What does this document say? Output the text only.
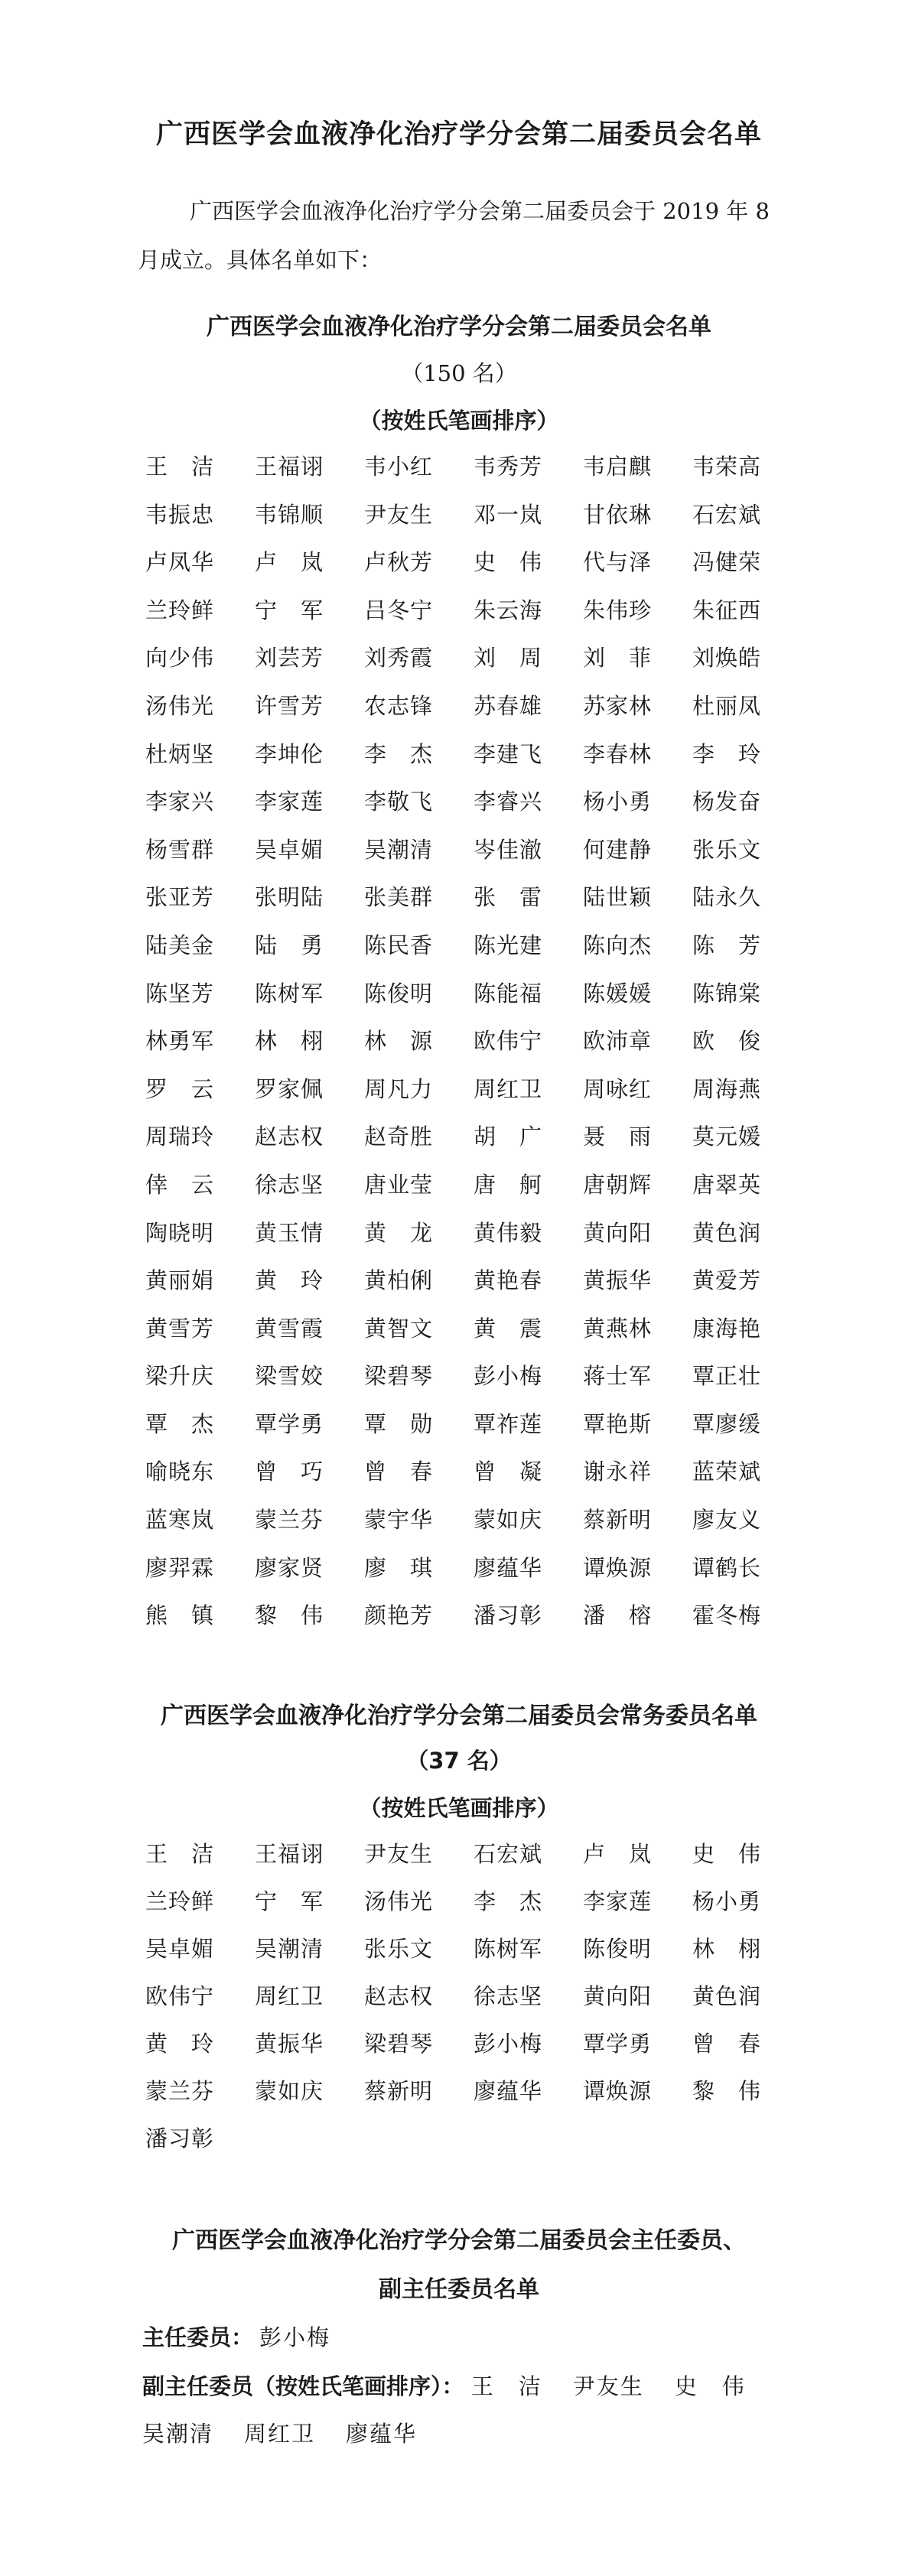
广西医学会血液净化治疗学分会第二届委员会名单

广西医学会血液净化治疗学分会第二届委员会于 2019 年 8

月成立。具体名单如下：

广西医学会血液净化治疗学分会第二届委员会名单
（150 名）
（按姓氏笔画排序）
王　洁	王福诩	韦小红	韦秀芳	韦启麒	韦荣高
韦振忠	韦锦顺	尹友生	邓一岚	甘依琳	石宏斌
卢凤华	卢　岚	卢秋芳	史　伟	代与泽	冯健荣
兰玲鲜	宁　军	吕冬宁	朱云海	朱伟珍	朱征西
向少伟	刘芸芳	刘秀霞	刘　周	刘　菲	刘焕皓
汤伟光	许雪芳	农志锋	苏春雄	苏家林	杜丽凤
杜炳坚	李坤伦	李　杰	李建飞	李春林	李　玲
李家兴	李家莲	李敬飞	李睿兴	杨小勇	杨发奋
杨雪群	吴卓媚	吴潮清	岑佳澈	何建静	张乐文
张亚芳	张明陆	张美群	张　雷	陆世颖	陆永久
陆美金	陆　勇	陈民香	陈光建	陈向杰	陈　芳
陈坚芳	陈树军	陈俊明	陈能福	陈媛媛	陈锦棠
林勇军	林　栩	林　源	欧伟宁	欧沛章	欧　俊
罗　云	罗家佩	周凡力	周红卫	周咏红	周海燕
周瑞玲	赵志权	赵奇胜	胡　广	聂　雨	莫元媛
倖　云	徐志坚	唐业莹	唐　舸	唐朝辉	唐翠英
陶晓明	黄玉情	黄　龙	黄伟毅	黄向阳	黄色润
黄丽娟	黄　玲	黄柏俐	黄艳春	黄振华	黄爱芳
黄雪芳	黄雪霞	黄智文	黄　震	黄燕林	康海艳
梁升庆	梁雪姣	梁碧琴	彭小梅	蒋士军	覃正壮
覃　杰	覃学勇	覃　勋	覃祚莲	覃艳斯	覃廖缓
喻晓东	曾　巧	曾　春	曾　凝	谢永祥	蓝荣斌
蓝寒岚	蒙兰芬	蒙宇华	蒙如庆	蔡新明	廖友义
廖羿霖	廖家贤	廖　琪	廖蕴华	谭焕源	谭鹤长
熊　镇	黎　伟	颜艳芳	潘习彰	潘　榕	霍冬梅
广西医学会血液净化治疗学分会第二届委员会常务委员名单
（37 名）
（按姓氏笔画排序）
王　洁	王福诩	尹友生	石宏斌	卢　岚	史　伟
兰玲鲜	宁　军	汤伟光	李　杰	李家莲	杨小勇
吴卓媚	吴潮清	张乐文	陈树军	陈俊明	林　栩
欧伟宁	周红卫	赵志权	徐志坚	黄向阳	黄色润
黄　玲	黄振华	梁碧琴	彭小梅	覃学勇	曾　春
蒙兰芬	蒙如庆	蔡新明	廖蕴华	谭焕源	黎　伟
潘习彰
广西医学会血液净化治疗学分会第二届委员会主任委员、
副主任委员名单
主任委员： 彭小梅
副主任委员（按姓氏笔画排序）： 王　洁 尹友生 史　伟
吴潮清 周红卫 廖蕴华
